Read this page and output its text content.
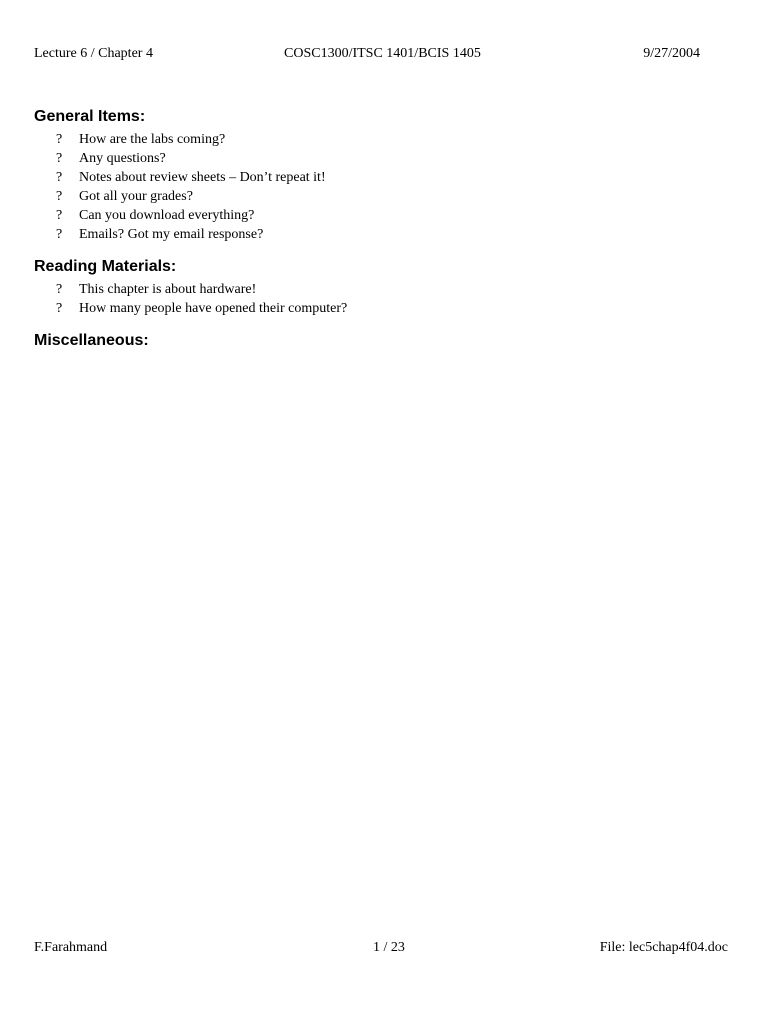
Lecture 6 / Chapter 4	COSC1300/ITSC 1401/BCIS 1405	9/27/2004
General Items:
? How are the labs coming?
? Any questions?
? Notes about review sheets – Don’t repeat it!
? Got all your grades?
? Can you download everything?
? Emails? Got my email response?
Reading Materials:
? This chapter is about hardware!
? How many people have opened their computer?
Miscellaneous:
F.Farahmand	1 / 23	File: lec5chap4f04.doc
